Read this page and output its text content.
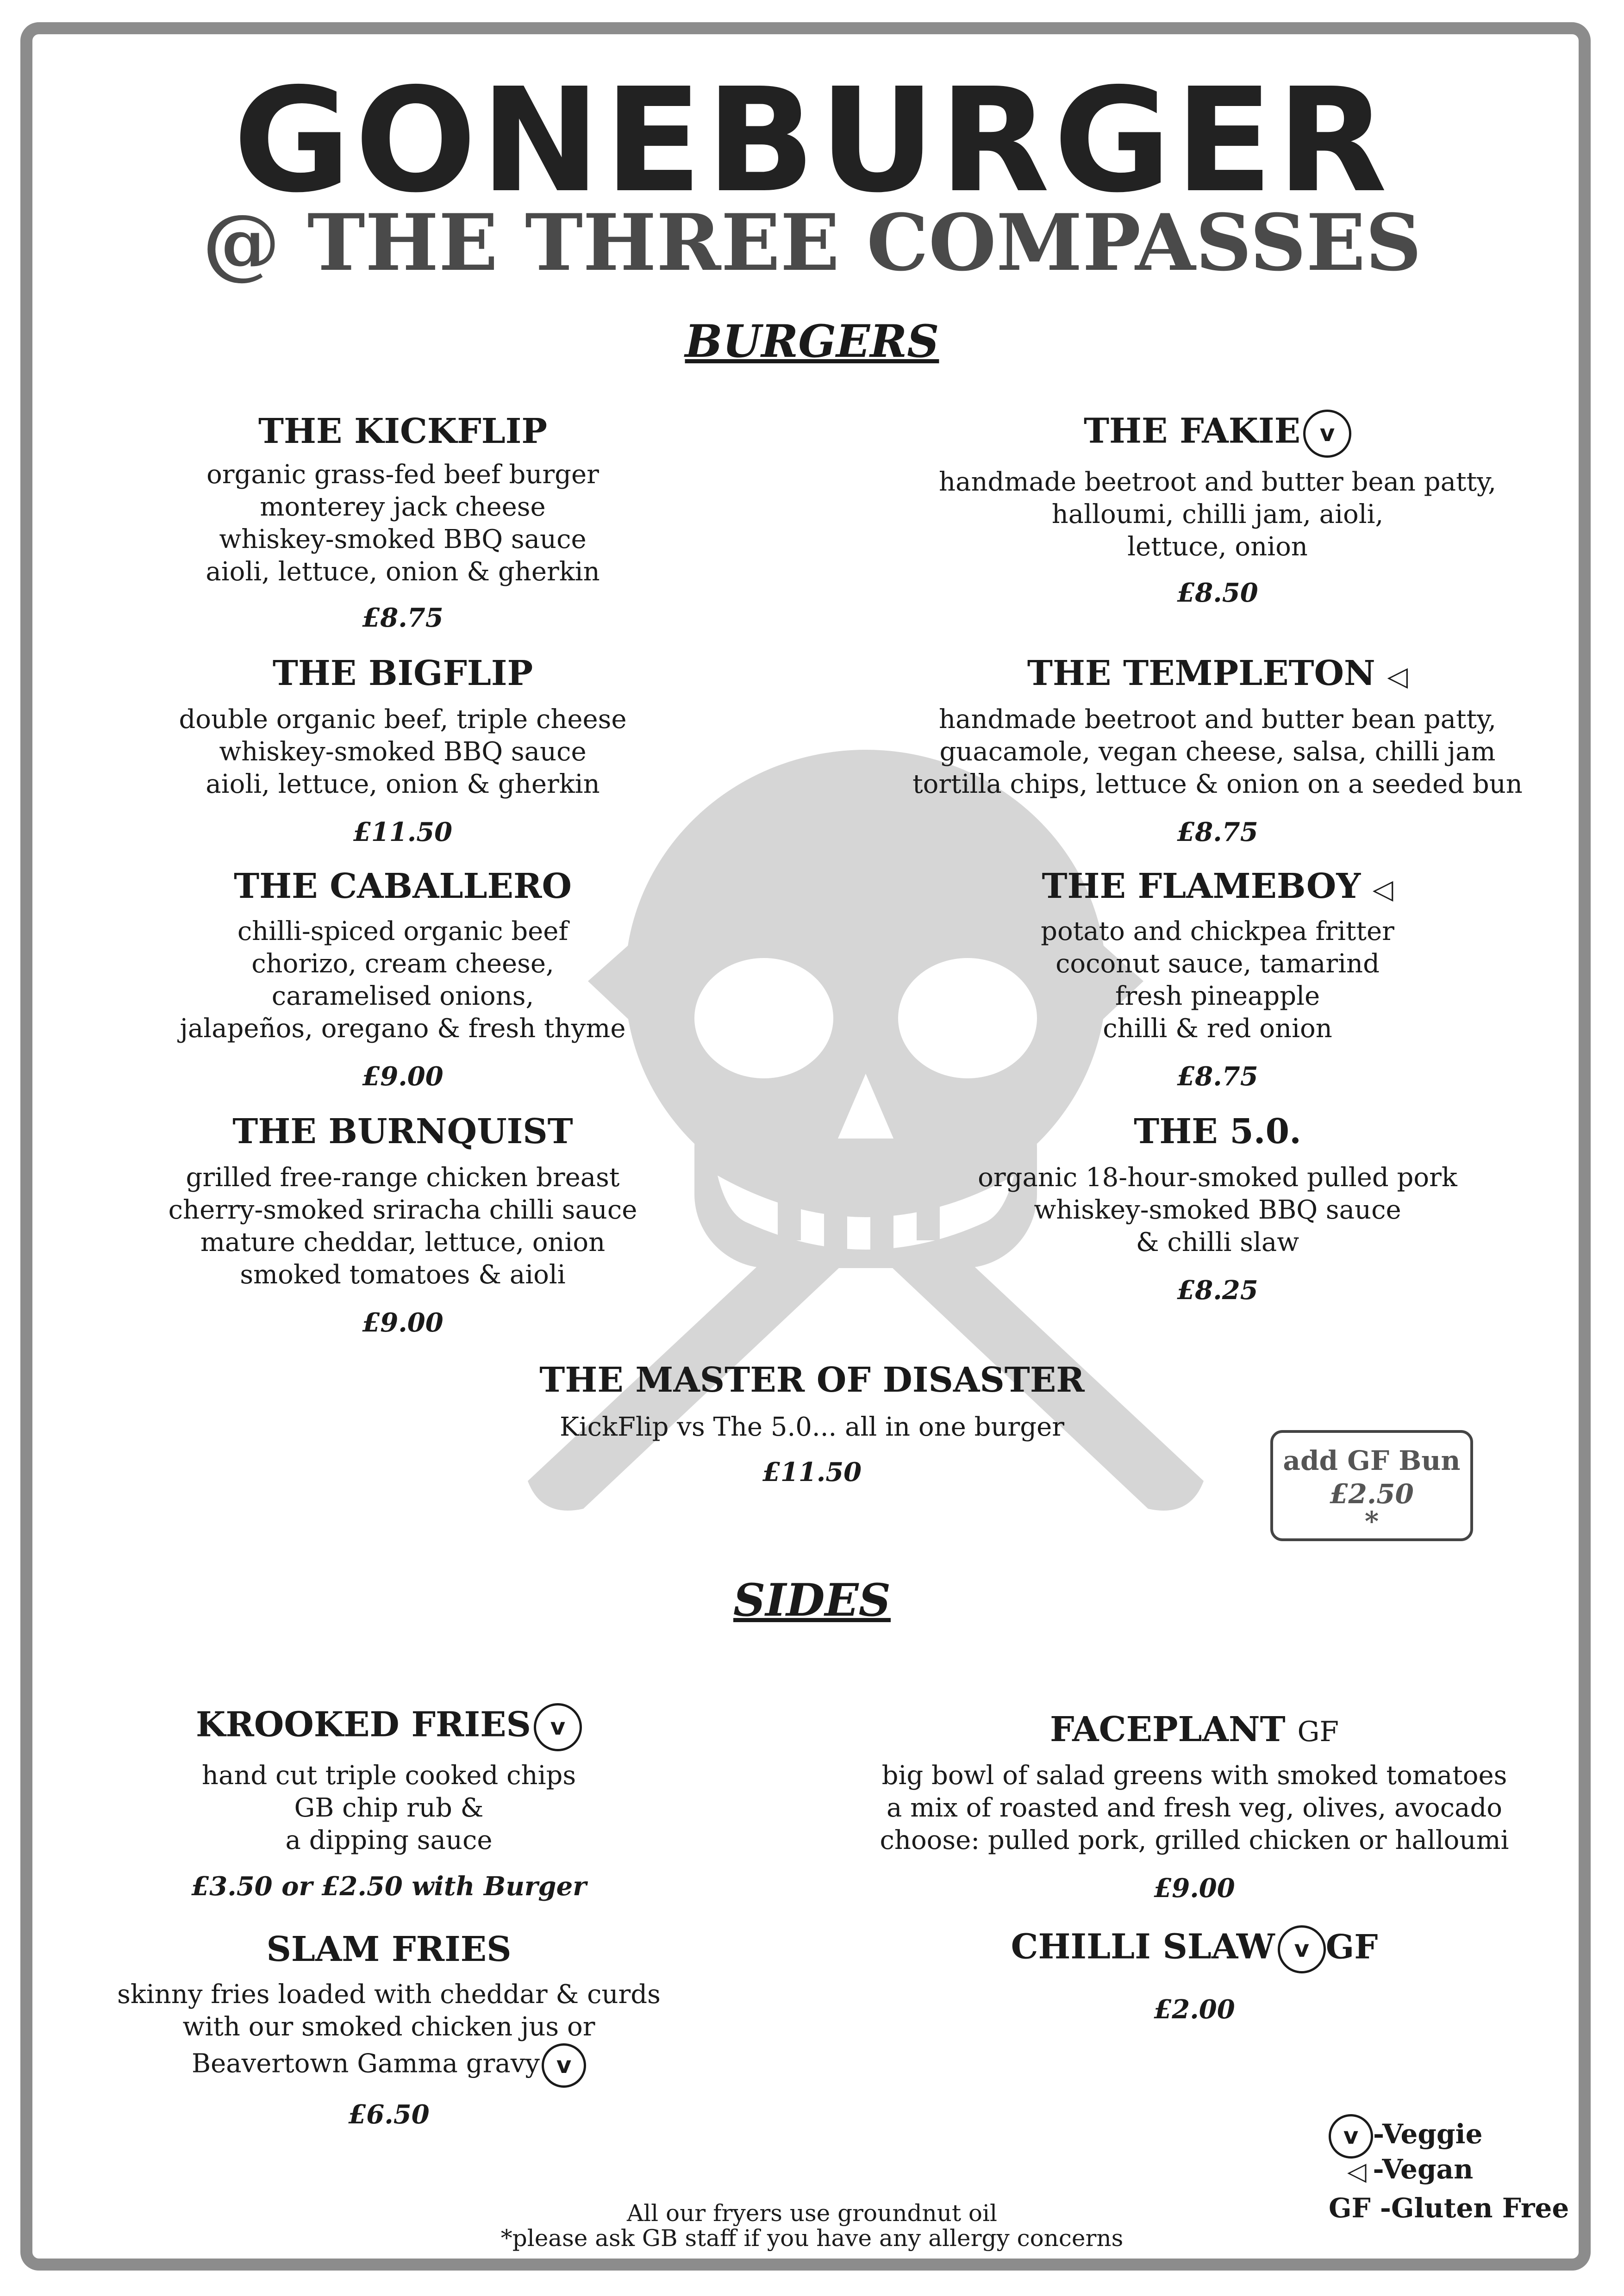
GONEBURGER
@ THE THREE COMPASSES
BURGERS
THE KICKFLIP
organic grass-fed beef burger
monterey jack cheese
whiskey-smoked BBQ sauce
aioli, lettuce, onion & gherkin
£8.75
THE BIGFLIP
double organic beef, triple cheese
whiskey-smoked BBQ sauce
aioli, lettuce, onion & gherkin
£11.50
THE CABALLERO
chilli-spiced organic beef
chorizo, cream cheese,
caramelised onions,
jalapeños, oregano & fresh thyme
£9.00
THE BURNQUIST
grilled free-range chicken breast
cherry-smoked sriracha chilli sauce
mature cheddar, lettuce, onion
smoked tomatoes & aioli
£9.00
THE FAKIE v
handmade beetroot and butter bean patty,
halloumi, chilli jam, aioli,
lettuce, onion
£8.50
THE TEMPLETON ◁
handmade beetroot and butter bean patty,
guacamole, vegan cheese, salsa, chilli jam
tortilla chips, lettuce & onion on a seeded bun
£8.75
THE FLAMEBOY ◁
potato and chickpea fritter
coconut sauce, tamarind
fresh pineapple
chilli & red onion
£8.75
THE 5.0.
organic 18-hour-smoked pulled pork
whiskey-smoked BBQ sauce
& chilli slaw
£8.25
THE MASTER OF DISASTER
KickFlip vs The 5.0... all in one burger
£11.50	add GF Bun
£2.50
*
SIDES
KROOKED FRIES v
hand cut triple cooked chips
GB chip rub &
a dipping sauce
£3.50 or £2.50 with Burger
FACEPLANT GF
big bowl of salad greens with smoked tomatoes
a mix of roasted and fresh veg, olives, avocado
choose: pulled pork, grilled chicken or halloumi
£9.00
SLAM FRIES
skinny fries loaded with cheddar & curds
with our smoked chicken jus or
Beavertown Gamma gravy v
£6.50
CHILLI SLAW v GF
£2.00
v -Veggie
◁ -Vegan
GF -Gluten Free
All our fryers use groundnut oil
*please ask GB staff if you have any allergy concerns
